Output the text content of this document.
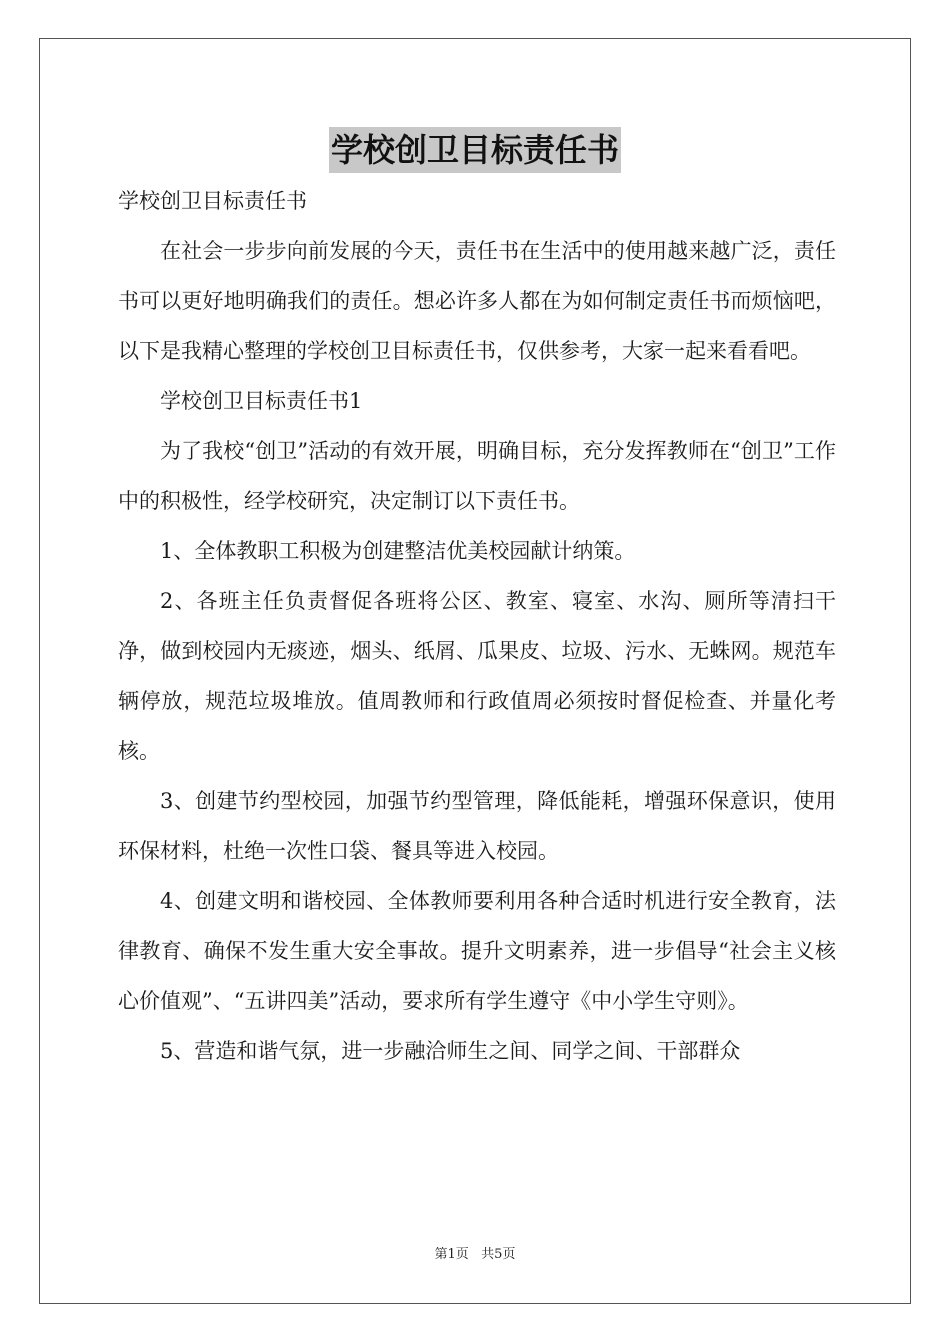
学校创卫目标责任书

学校创卫目标责任书

在社会一步步向前发展的今天，责任书在生活中的使用越来越广泛，责任书可以更好地明确我们的责任。想必许多人都在为如何制定责任书而烦恼吧，以下是我精心整理的学校创卫目标责任书，仅供参考，大家一起来看看吧。

学校创卫目标责任书1

为了我校“创卫”活动的有效开展，明确目标，充分发挥教师在“创卫”工作中的积极性，经学校研究，决定制订以下责任书。

1、全体教职工积极为创建整洁优美校园献计纳策。

2、各班主任负责督促各班将公区、教室、寝室、水沟、厕所等清扫干净，做到校园内无痰迹，烟头、纸屑、瓜果皮、垃圾、污水、无蛛网。规范车辆停放，规范垃圾堆放。值周教师和行政值周必须按时督促检查、并量化考核。

3、创建节约型校园，加强节约型管理，降低能耗，增强环保意识，使用环保材料，杜绝一次性口袋、餐具等进入校园。

4、创建文明和谐校园、全体教师要利用各种合适时机进行安全教育，法律教育、确保不发生重大安全事故。提升文明素养，进一步倡导“社会主义核心价值观”、“五讲四美”活动，要求所有学生遵守《中小学生守则》。

5、营造和谐气氛，进一步融洽师生之间、同学之间、干部群众

第1页   共5页
